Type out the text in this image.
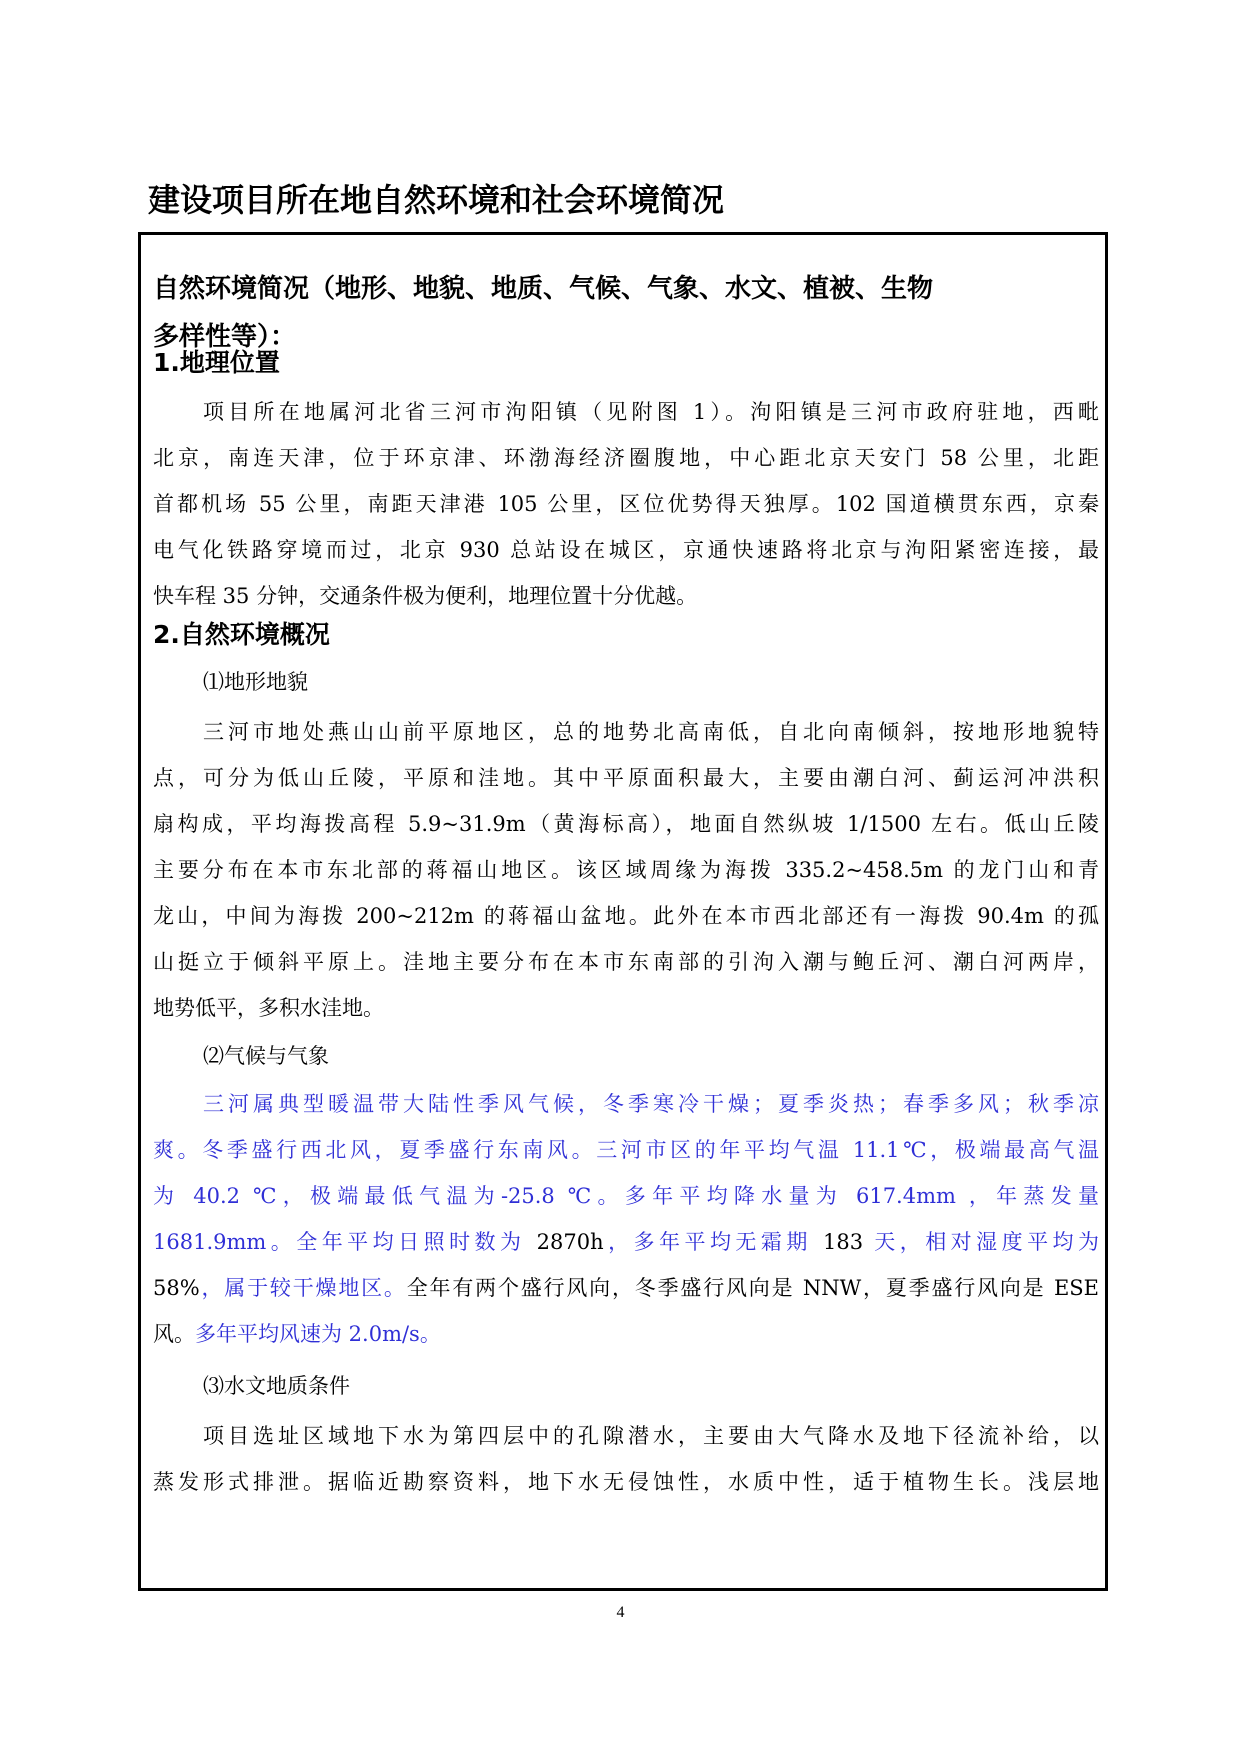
建设项目所在地自然环境和社会环境简况
自然环境简况（地形、地貌、地质、气候、气象、水文、植被、生物
多样性等）：
1.地理位置
项目所在地属河北省三河市泃阳镇（见附图 1）。泃阳镇是三河市政府驻地，西毗
北京，南连天津，位于环京津、环渤海经济圈腹地，中心距北京天安门 58 公里，北距
首都机场 55 公里，南距天津港 105 公里，区位优势得天独厚。102 国道横贯东西，京秦
电气化铁路穿境而过，北京 930 总站设在城区，京通快速路将北京与泃阳紧密连接，最
快车程 35 分钟，交通条件极为便利，地理位置十分优越。
2.自然环境概况
⑴地形地貌
三河市地处燕山山前平原地区，总的地势北高南低，自北向南倾斜，按地形地貌特
点，可分为低山丘陵，平原和洼地。其中平原面积最大，主要由潮白河、蓟运河冲洪积
扇构成，平均海拨高程 5.9~31.9m（黄海标高），地面自然纵坡 1/1500 左右。低山丘陵
主要分布在本市东北部的蒋福山地区。该区域周缘为海拨 335.2~458.5m 的龙门山和青
龙山，中间为海拨 200~212m 的蒋福山盆地。此外在本市西北部还有一海拨 90.4m 的孤
山挺立于倾斜平原上。洼地主要分布在本市东南部的引泃入潮与鲍丘河、潮白河两岸，
地势低平，多积水洼地。
⑵气候与气象
三河属典型暖温带大陆性季风气候，冬季寒冷干燥；夏季炎热；春季多风；秋季凉
爽。冬季盛行西北风，夏季盛行东南风。三河市区的年平均气温 11.1℃，极端最高气温
为 40.2 ℃，极端最低气温为-25.8 ℃。多年平均降水量为 617.4mm ，年蒸发量
1681.9mm。全年平均日照时数为 2870h，多年平均无霜期 183 天，相对湿度平均为
58%，属于较干燥地区。全年有两个盛行风向，冬季盛行风向是 NNW，夏季盛行风向是 ESE
风。多年平均风速为 2.0m/s。
⑶水文地质条件
项目选址区域地下水为第四层中的孔隙潜水，主要由大气降水及地下径流补给，以
蒸发形式排泄。据临近勘察资料，地下水无侵蚀性，水质中性，适于植物生长。浅层地
4
